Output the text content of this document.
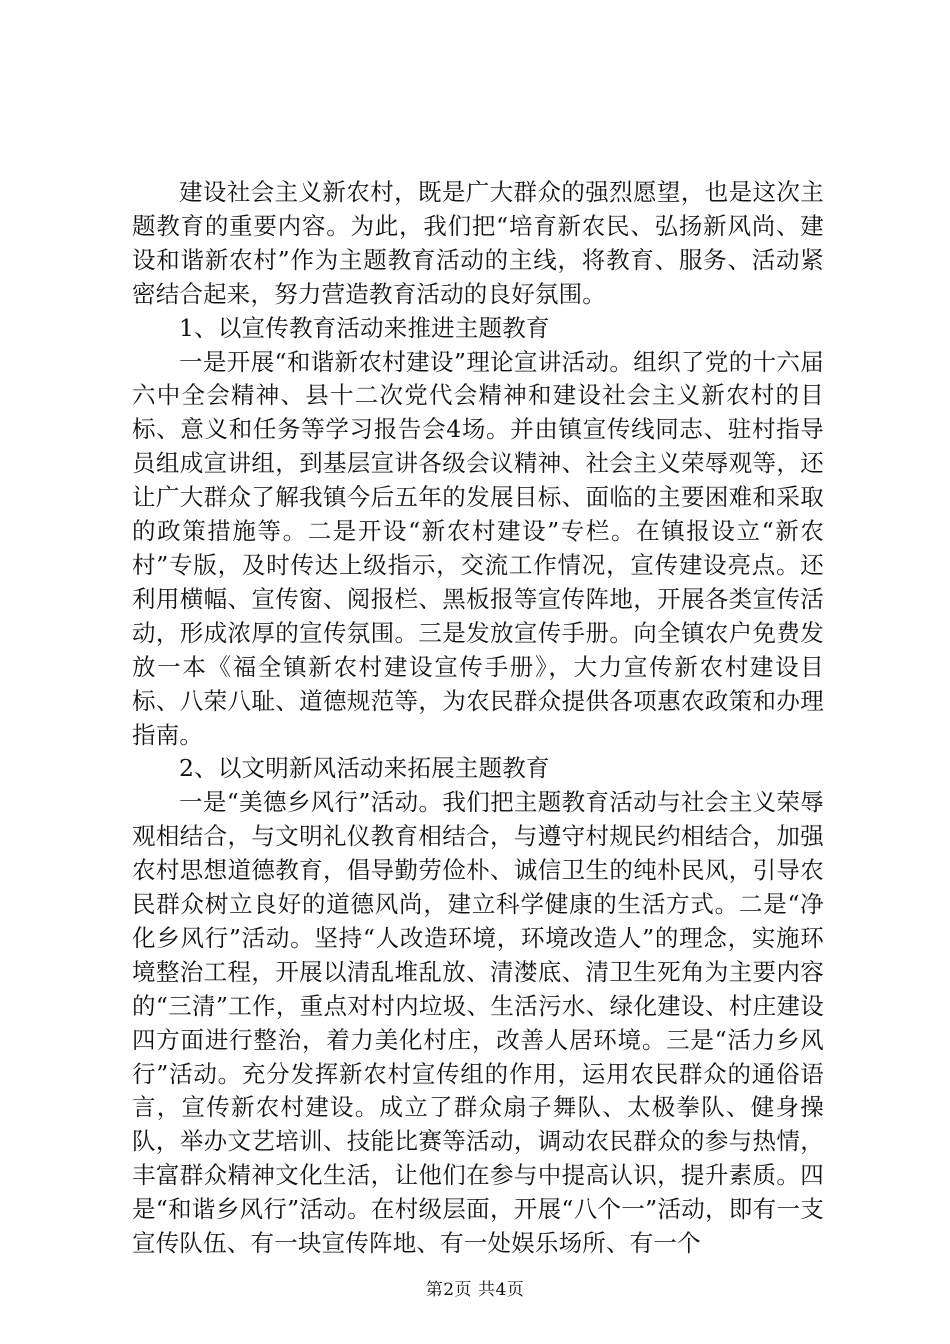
建设社会主义新农村，既是广大群众的强烈愿望，也是这次主题教育的重要内容。为此，我们把“培育新农民、弘扬新风尚、建设和谐新农村”作为主题教育活动的主线，将教育、服务、活动紧密结合起来，努力营造教育活动的良好氛围。

1、以宣传教育活动来推进主题教育

一是开展“和谐新农村建设”理论宣讲活动。组织了党的十六届六中全会精神、县十二次党代会精神和建设社会主义新农村的目标、意义和任务等学习报告会4场。并由镇宣传线同志、驻村指导员组成宣讲组，到基层宣讲各级会议精神、社会主义荣辱观等，还让广大群众了解我镇今后五年的发展目标、面临的主要困难和采取的政策措施等。二是开设“新农村建设”专栏。在镇报设立“新农村”专版，及时传达上级指示，交流工作情况，宣传建设亮点。还利用横幅、宣传窗、阅报栏、黑板报等宣传阵地，开展各类宣传活动，形成浓厚的宣传氛围。三是发放宣传手册。向全镇农户免费发放一本《福全镇新农村建设宣传手册》，大力宣传新农村建设目标、八荣八耻、道德规范等，为农民群众提供各项惠农政策和办理指南。

2、以文明新风活动来拓展主题教育

一是“美德乡风行”活动。我们把主题教育活动与社会主义荣辱观相结合，与文明礼仪教育相结合，与遵守村规民约相结合，加强农村思想道德教育，倡导勤劳俭朴、诚信卫生的纯朴民风，引导农民群众树立良好的道德风尚，建立科学健康的生活方式。二是“净化乡风行”活动。坚持“人改造环境，环境改造人”的理念，实施环境整治工程，开展以清乱堆乱放、清漤底、清卫生死角为主要内容的“三清”工作，重点对村内垃圾、生活污水、绿化建设、村庄建设四方面进行整治，着力美化村庄，改善人居环境。三是“活力乡风行”活动。充分发挥新农村宣传组的作用，运用农民群众的通俗语言，宣传新农村建设。成立了群众扇子舞队、太极拳队、健身操队，举办文艺培训、技能比赛等活动，调动农民群众的参与热情，丰富群众精神文化生活，让他们在参与中提高认识，提升素质。四是“和谐乡风行”活动。在村级层面，开展“八个一”活动，即有一支宣传队伍、有一块宣传阵地、有一处娱乐场所、有一个

第2页 共4页
